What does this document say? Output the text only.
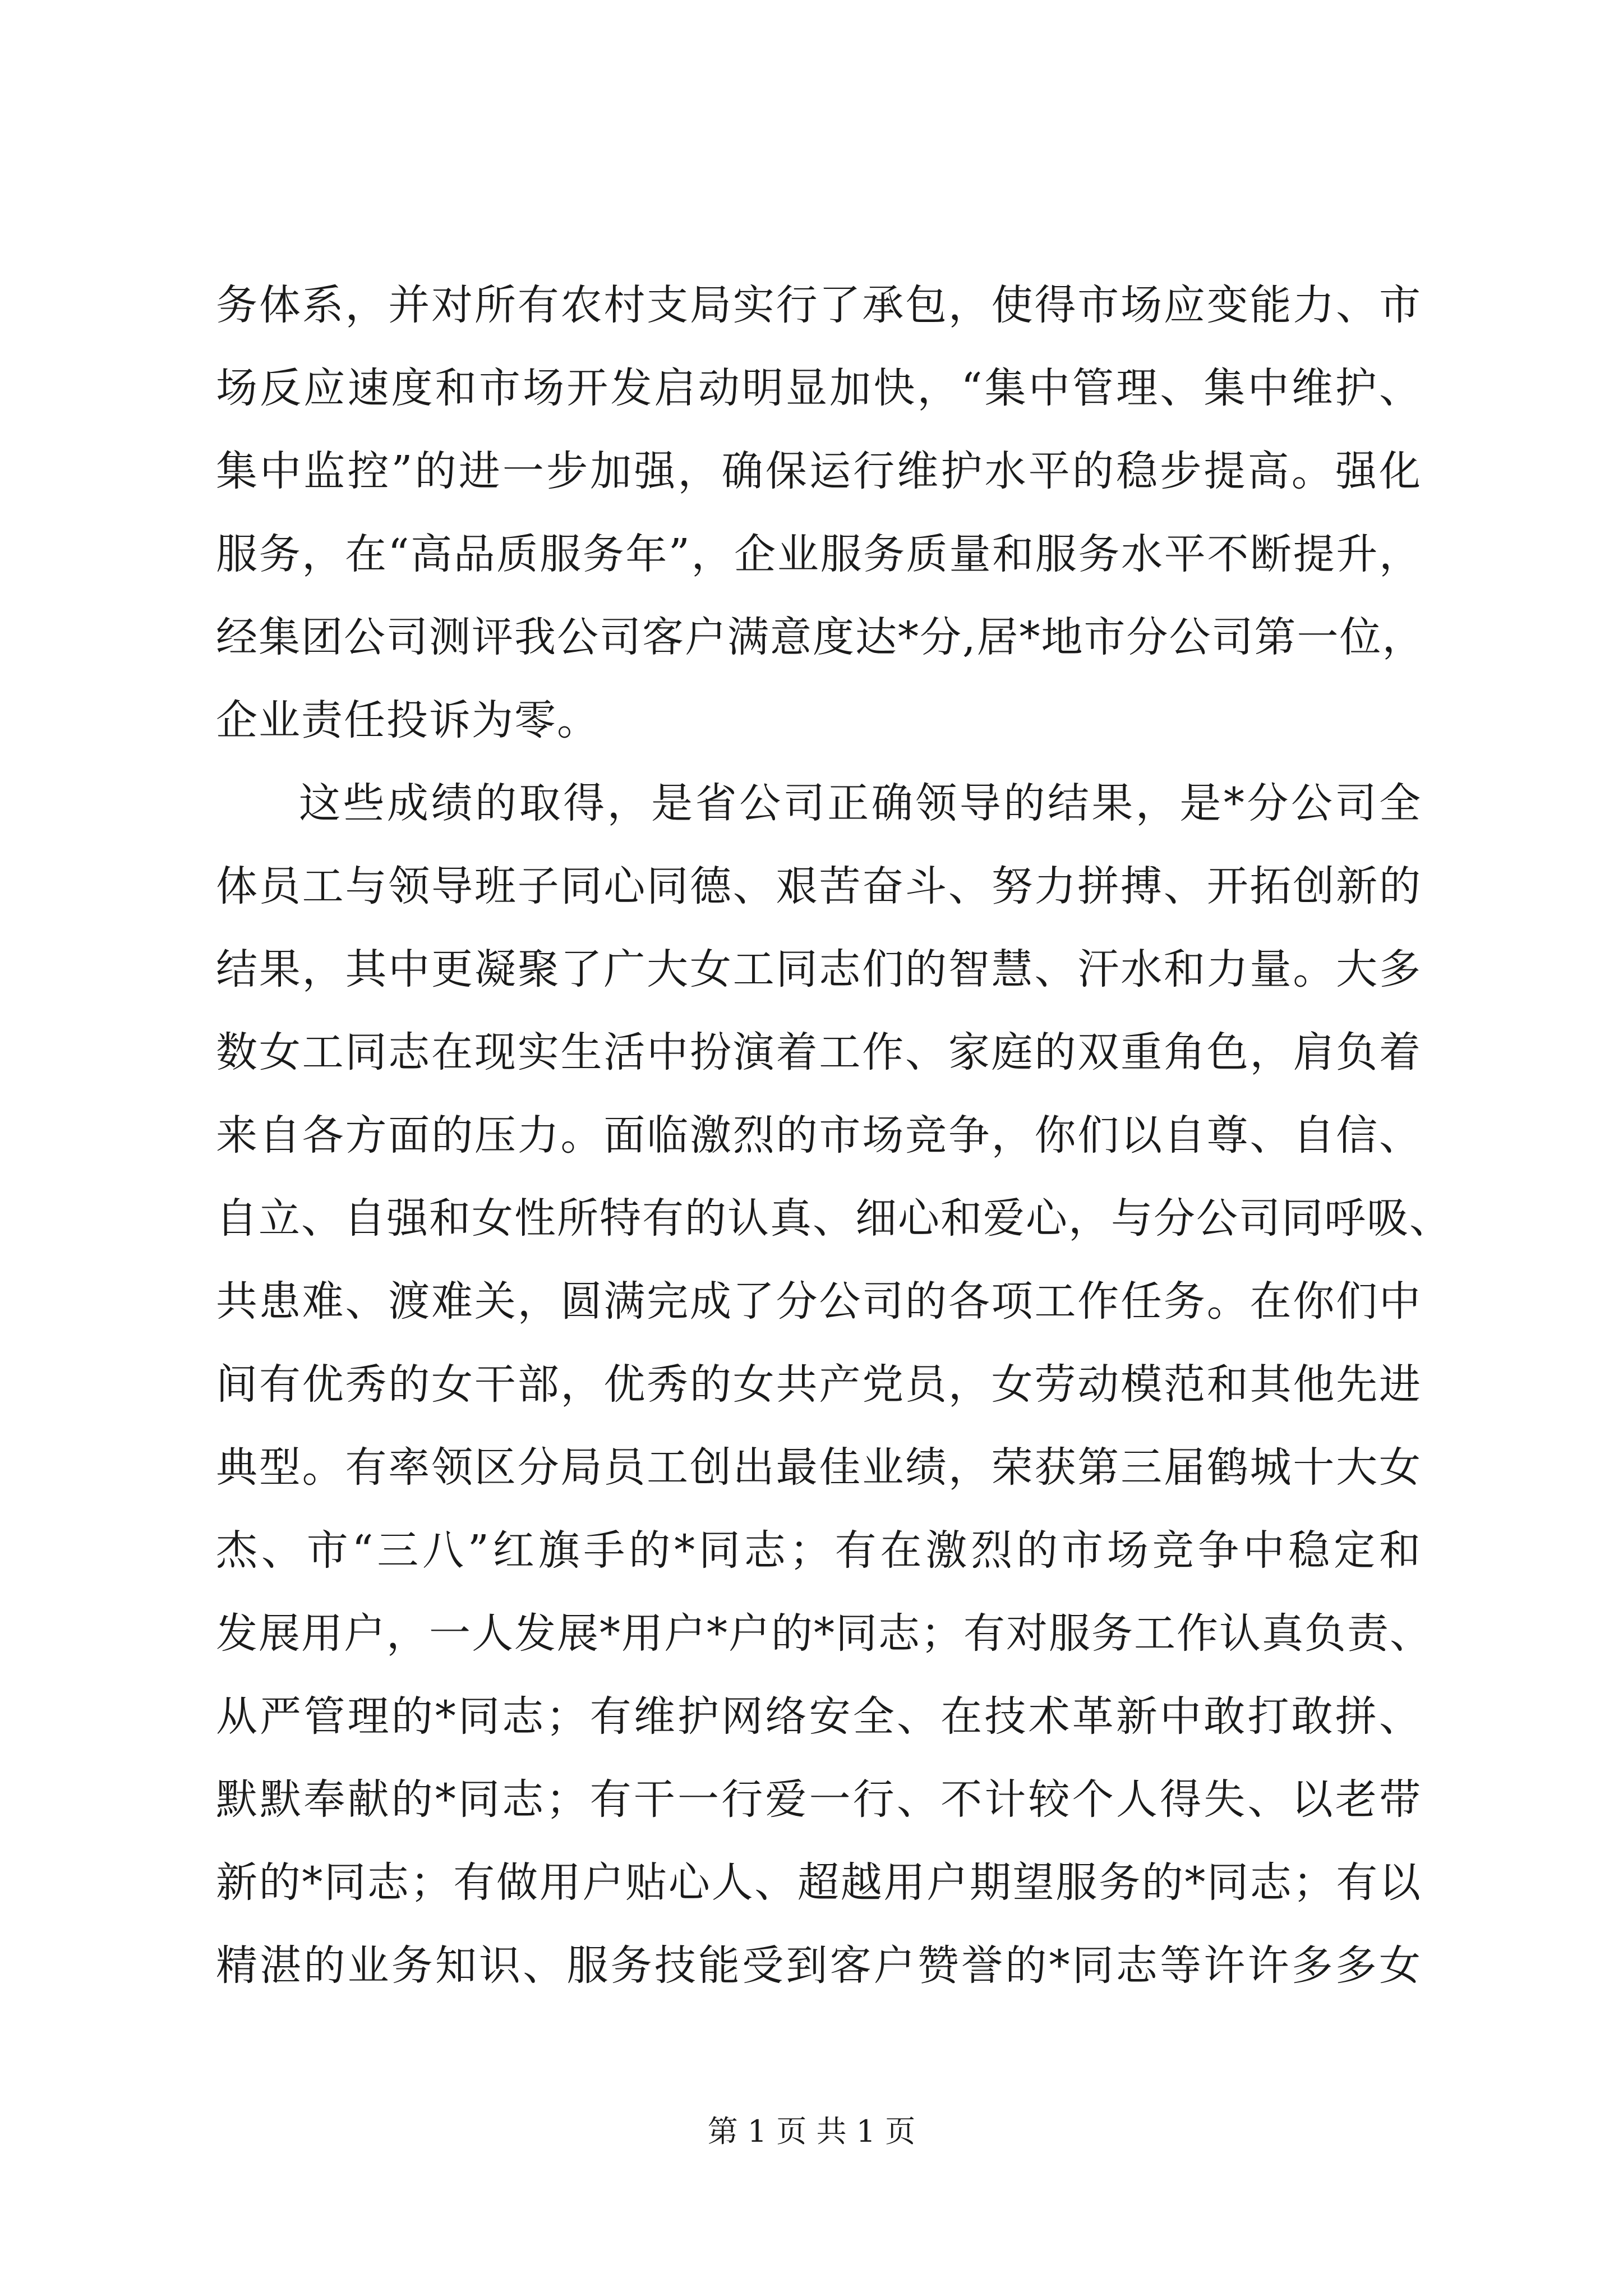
务体系，并对所有农村支局实行了承包，使得市场应变能力、市
场反应速度和市场开发启动明显加快，“集中管理、集中维护、
集中监控”的进一步加强，确保运行维护水平的稳步提高。强化
服务，在“高品质服务年”，企业服务质量和服务水平不断提升，
经集团公司测评我公司客户满意度达*分,居*地市分公司第一位，
企业责任投诉为零。
这些成绩的取得，是省公司正确领导的结果，是*分公司全
体员工与领导班子同心同德、艰苦奋斗、努力拼搏、开拓创新的
结果，其中更凝聚了广大女工同志们的智慧、汗水和力量。大多
数女工同志在现实生活中扮演着工作、家庭的双重角色，肩负着
来自各方面的压力。面临激烈的市场竞争，你们以自尊、自信、
自立、自强和女性所特有的认真、细心和爱心，与分公司同呼吸、
共患难、渡难关，圆满完成了分公司的各项工作任务。在你们中
间有优秀的女干部，优秀的女共产党员，女劳动模范和其他先进
典型。有率领区分局员工创出最佳业绩，荣获第三届鹤城十大女
杰、市“三八”红旗手的*同志；有在激烈的市场竞争中稳定和
发展用户，一人发展*用户*户的*同志；有对服务工作认真负责、
从严管理的*同志；有维护网络安全、在技术革新中敢打敢拼、
默默奉献的*同志；有干一行爱一行、不计较个人得失、以老带
新的*同志；有做用户贴心人、超越用户期望服务的*同志；有以
精湛的业务知识、服务技能受到客户赞誉的*同志等许许多多女
第 1 页 共 1 页
